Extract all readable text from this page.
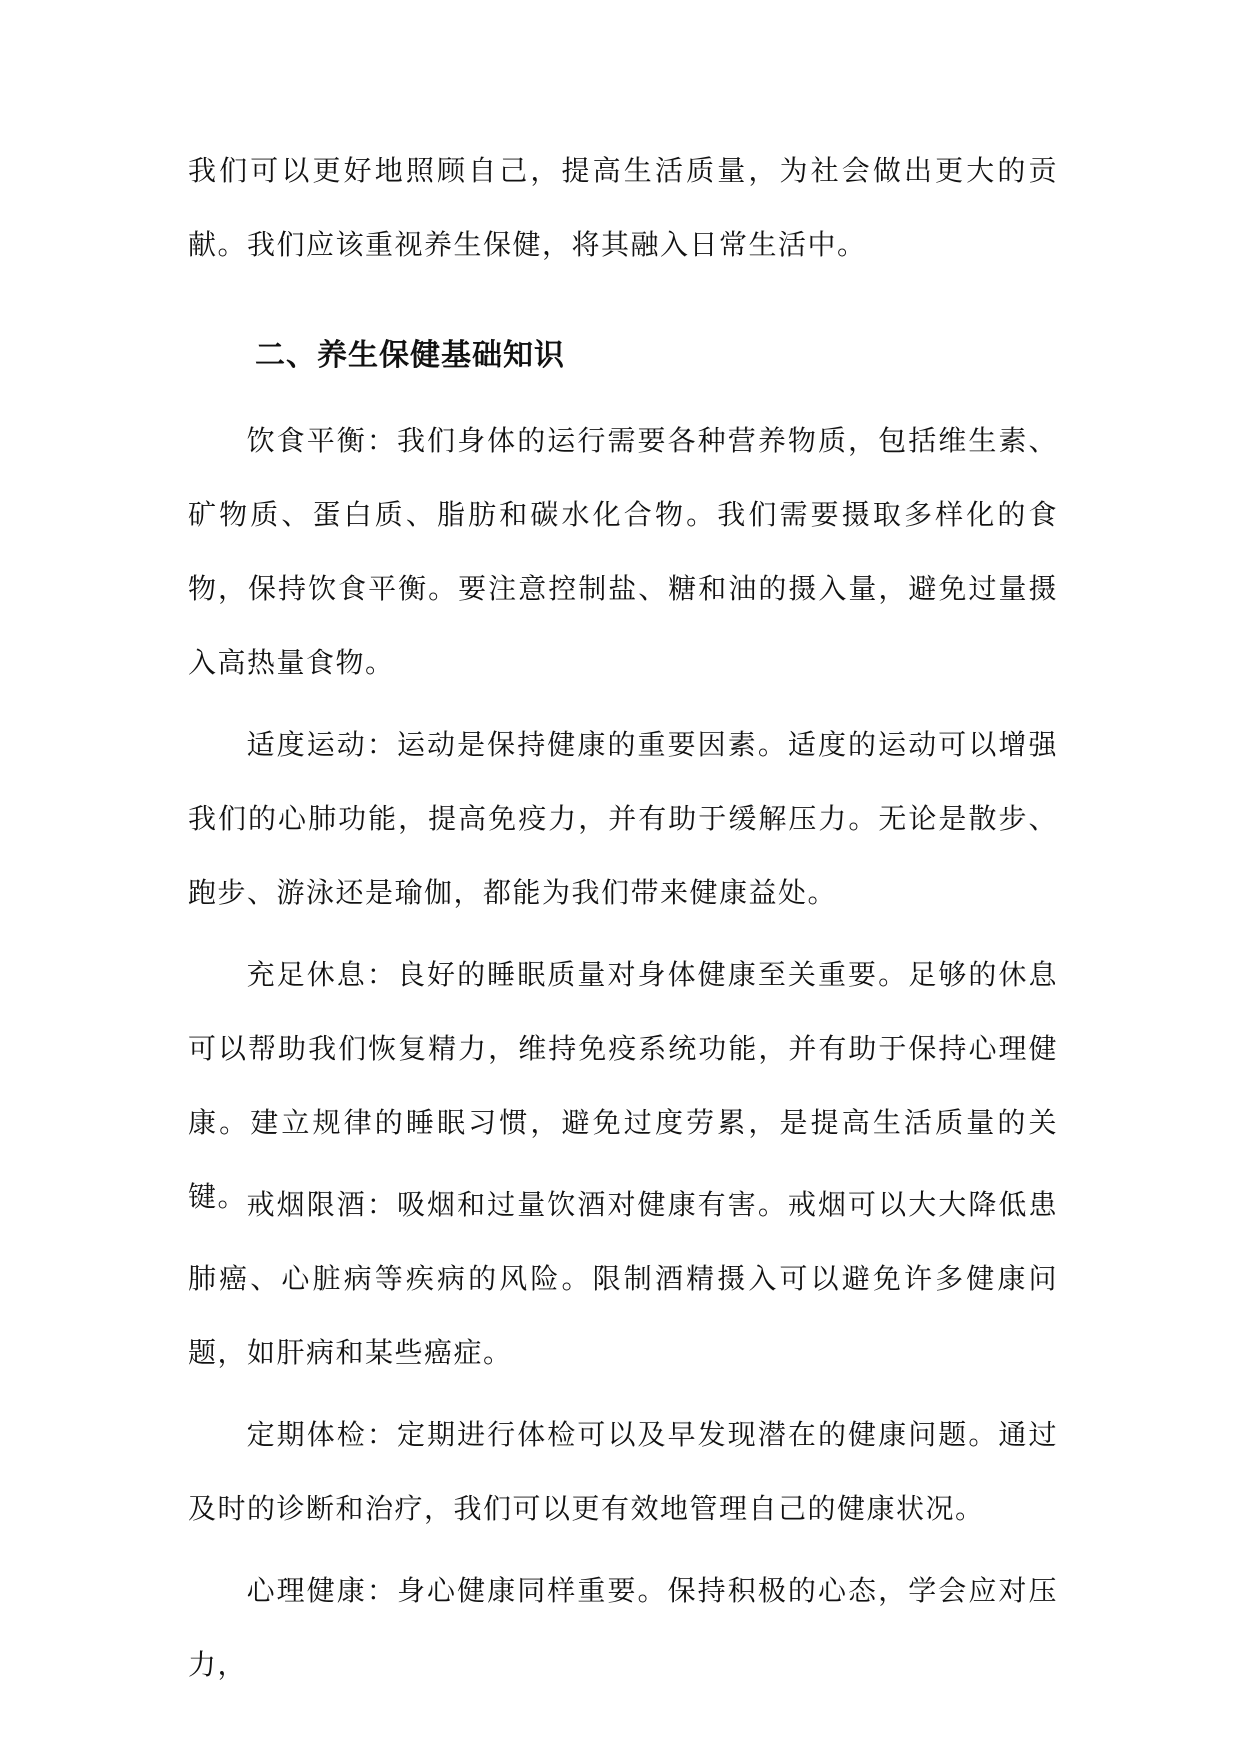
我们可以更好地照顾自己，提高生活质量，为社会做出更大的贡献。我们应该重视养生保健，将其融入日常生活中。

二、养生保健基础知识

饮食平衡：我们身体的运行需要各种营养物质，包括维生素、矿物质、蛋白质、脂肪和碳水化合物。我们需要摄取多样化的食物，保持饮食平衡。要注意控制盐、糖和油的摄入量，避免过量摄入高热量食物。

适度运动：运动是保持健康的重要因素。适度的运动可以增强我们的心肺功能，提高免疫力，并有助于缓解压力。无论是散步、跑步、游泳还是瑜伽，都能为我们带来健康益处。

充足休息：良好的睡眠质量对身体健康至关重要。足够的休息可以帮助我们恢复精力，维持免疫系统功能，并有助于保持心理健康。建立规律的睡眠习惯，避免过度劳累，是提高生活质量的关键。

戒烟限酒：吸烟和过量饮酒对健康有害。戒烟可以大大降低患肺癌、心脏病等疾病的风险。限制酒精摄入可以避免许多健康问题，如肝病和某些癌症。

定期体检：定期进行体检可以及早发现潜在的健康问题。通过及时的诊断和治疗，我们可以更有效地管理自己的健康状况。

心理健康：身心健康同样重要。保持积极的心态，学会应对压力，
